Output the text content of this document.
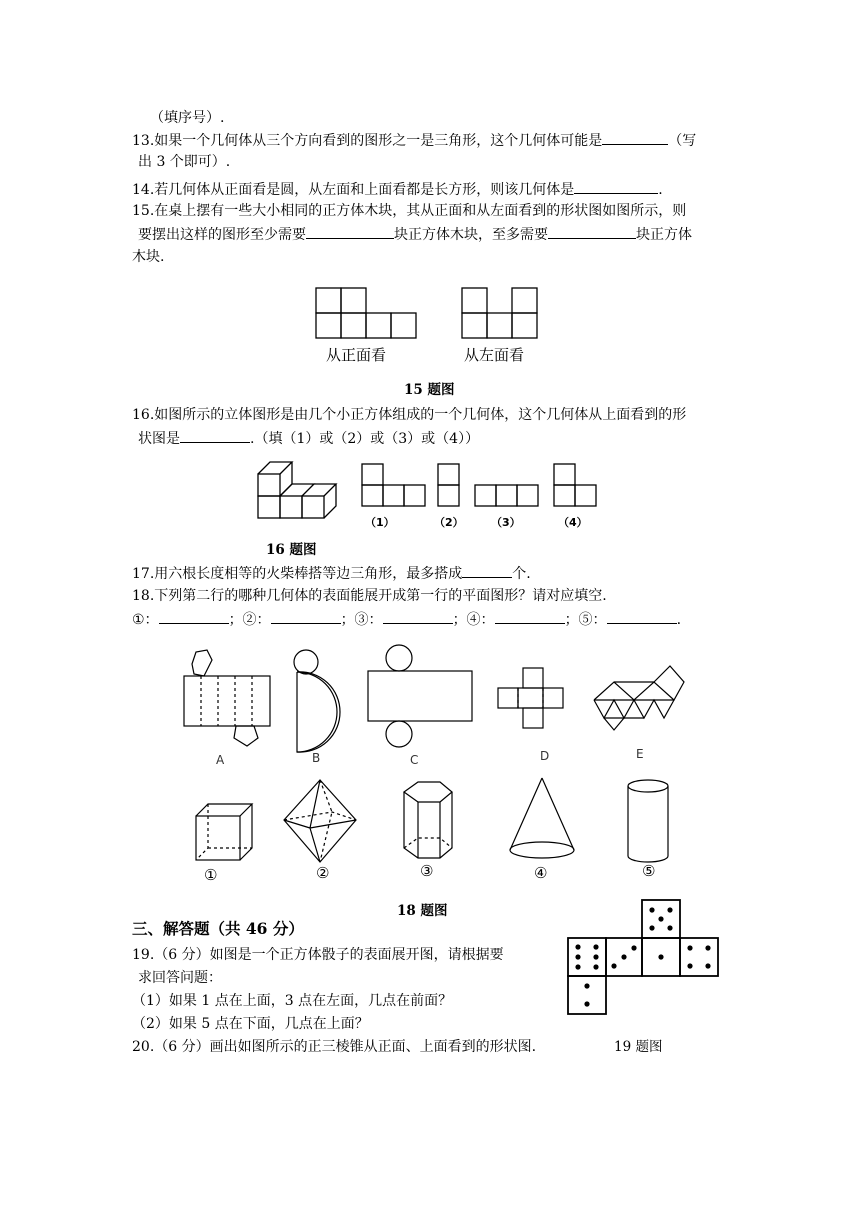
（填序号）.
13.如果一个几何体从三个方向看到的图形之一是三角形，这个几何体可能是	（写
出 3 个即可）.
14.若几何体从正面看是圆，从左面和上面看都是长方形，则该几何体是	.
15.在桌上摆有一些大小相同的正方体木块，其从正面和从左面看到的形状图如图所示，则
要摆出这样的图形至少需要	块正方体木块，至多需要	块正方体
木块.
从正面看	从左面看
15 题图
16.如图所示的立体图形是由几个小正方体组成的一个几何体，这个几何体从上面看到的形
状图是	.（填（1）或（2）或（3）或（4））
（1）	（2） （3）	（4）
16 题图
17.用六根长度相等的火柴棒搭等边三角形，最多搭成	个.
18.下列第二行的哪种几何体的表面能展开成第一行的平面图形？请对应填空.
①：	；②：	；③：	；④：	；⑤：	.
A	B	C	D	E
①	②	③	④	⑤
18 题图
三、解答题（共 46 分）
19.（6 分）如图是一个正方体骰子的表面展开图，请根据要
求回答问题：
（1）如果 1 点在上面，3 点在左面，几点在前面？
（2）如果 5 点在下面，几点在上面？
20.（6 分）画出如图所示的正三棱锥从正面、上面看到的形状图.	19 题图
